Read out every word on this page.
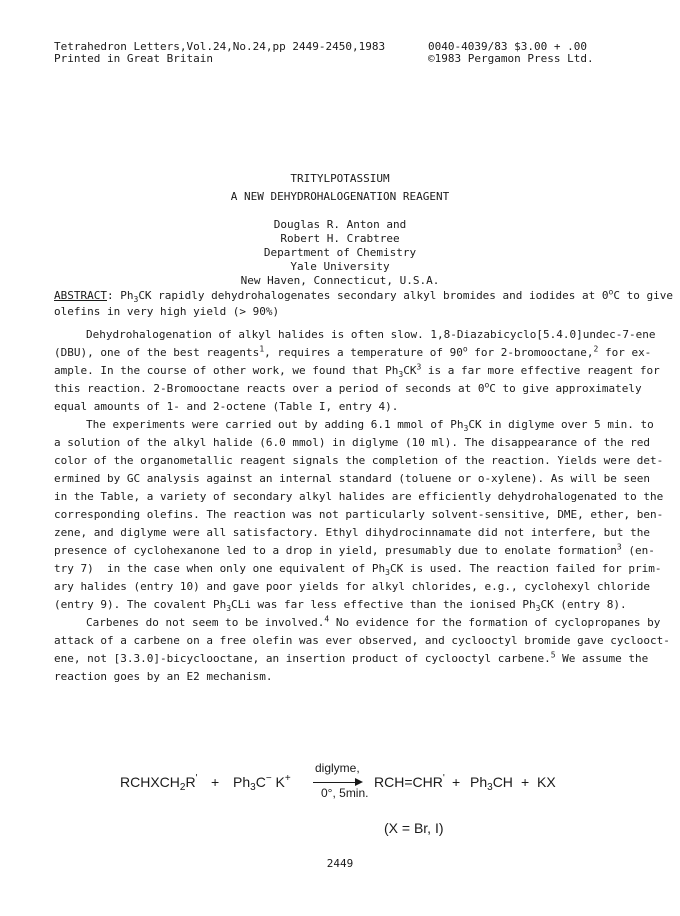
Tetrahedron Letters,Vol.24,No.24,pp 2449-2450,1983
Printed in Great Britain
0040-4039/83 $3.00 + .00
©1983 Pergamon Press Ltd.
TRITYLPOTASSIUM
A NEW DEHYDROHALOGENATION REAGENT
Douglas R. Anton and
Robert H. Crabtree
Department of Chemistry
Yale University
New Haven, Connecticut, U.S.A.
ABSTRACT: $Ph_3CK$ rapidly dehydrohalogenates secondary alkyl bromides and iodides at 0$^o$C to give
olefins in very high yield (> 90%)
Dehydrohalogenation of alkyl halides is often slow. 1,8-Diazabicyclo[5.4.0]undec-7-ene
(DBU), one of the best reagents$^1$, requires a temperature of 90$^o$ for 2-bromooctane,$^2$ for ex-
ample. In the course of other work, we found that $Ph_3CK^3$ is a far more effective reagent for
this reaction. 2-Bromooctane reacts over a period of seconds at 0$^o$C to give approximately
equal amounts of 1- and 2-octene (Table I, entry 4).
The experiments were carried out by adding 6.1 mmol of $Ph_3CK$ in diglyme over 5 min. to
a solution of the alkyl halide (6.0 mmol) in diglyme (10 ml). The disappearance of the red
color of the organometallic reagent signals the completion of the reaction. Yields were det-
ermined by GC analysis against an internal standard (toluene or o-xylene). As will be seen
in the Table, a variety of secondary alkyl halides are efficiently dehydrohalogenated to the
corresponding olefins. The reaction was not particularly solvent-sensitive, DME, ether, ben-
zene, and diglyme were all satisfactory. Ethyl dihydrocinnamate did not interfere, but the
presence of cyclohexanone led to a drop in yield, presumably due to enolate formation$^3$ (en-
try 7)  in the case when only one equivalent of $Ph_3CK$ is used. The reaction failed for prim-
ary halides (entry 10) and gave poor yields for alkyl chlorides, e.g., cyclohexyl chloride
(entry 9). The covalent $Ph_3CLi$ was far less effective than the ionised $Ph_3CK$ (entry 8).
Carbenes do not seem to be involved.$^4$ No evidence for the formation of cyclopropanes by
attack of a carbene on a free olefin was ever observed, and cyclooctyl bromide gave cyclooct-
ene, not [3.3.0]-bicyclooctane, an insertion product of cyclooctyl carbene.$^5$ We assume the
reaction goes by an E2 mechanism.
$RCHXCH_2R' + Ph_3C^-$ K+
diglyme,
0°, 5min.
$RCH=CHR' + Ph_3CH$ + KX
(X = Br, I)
2449
